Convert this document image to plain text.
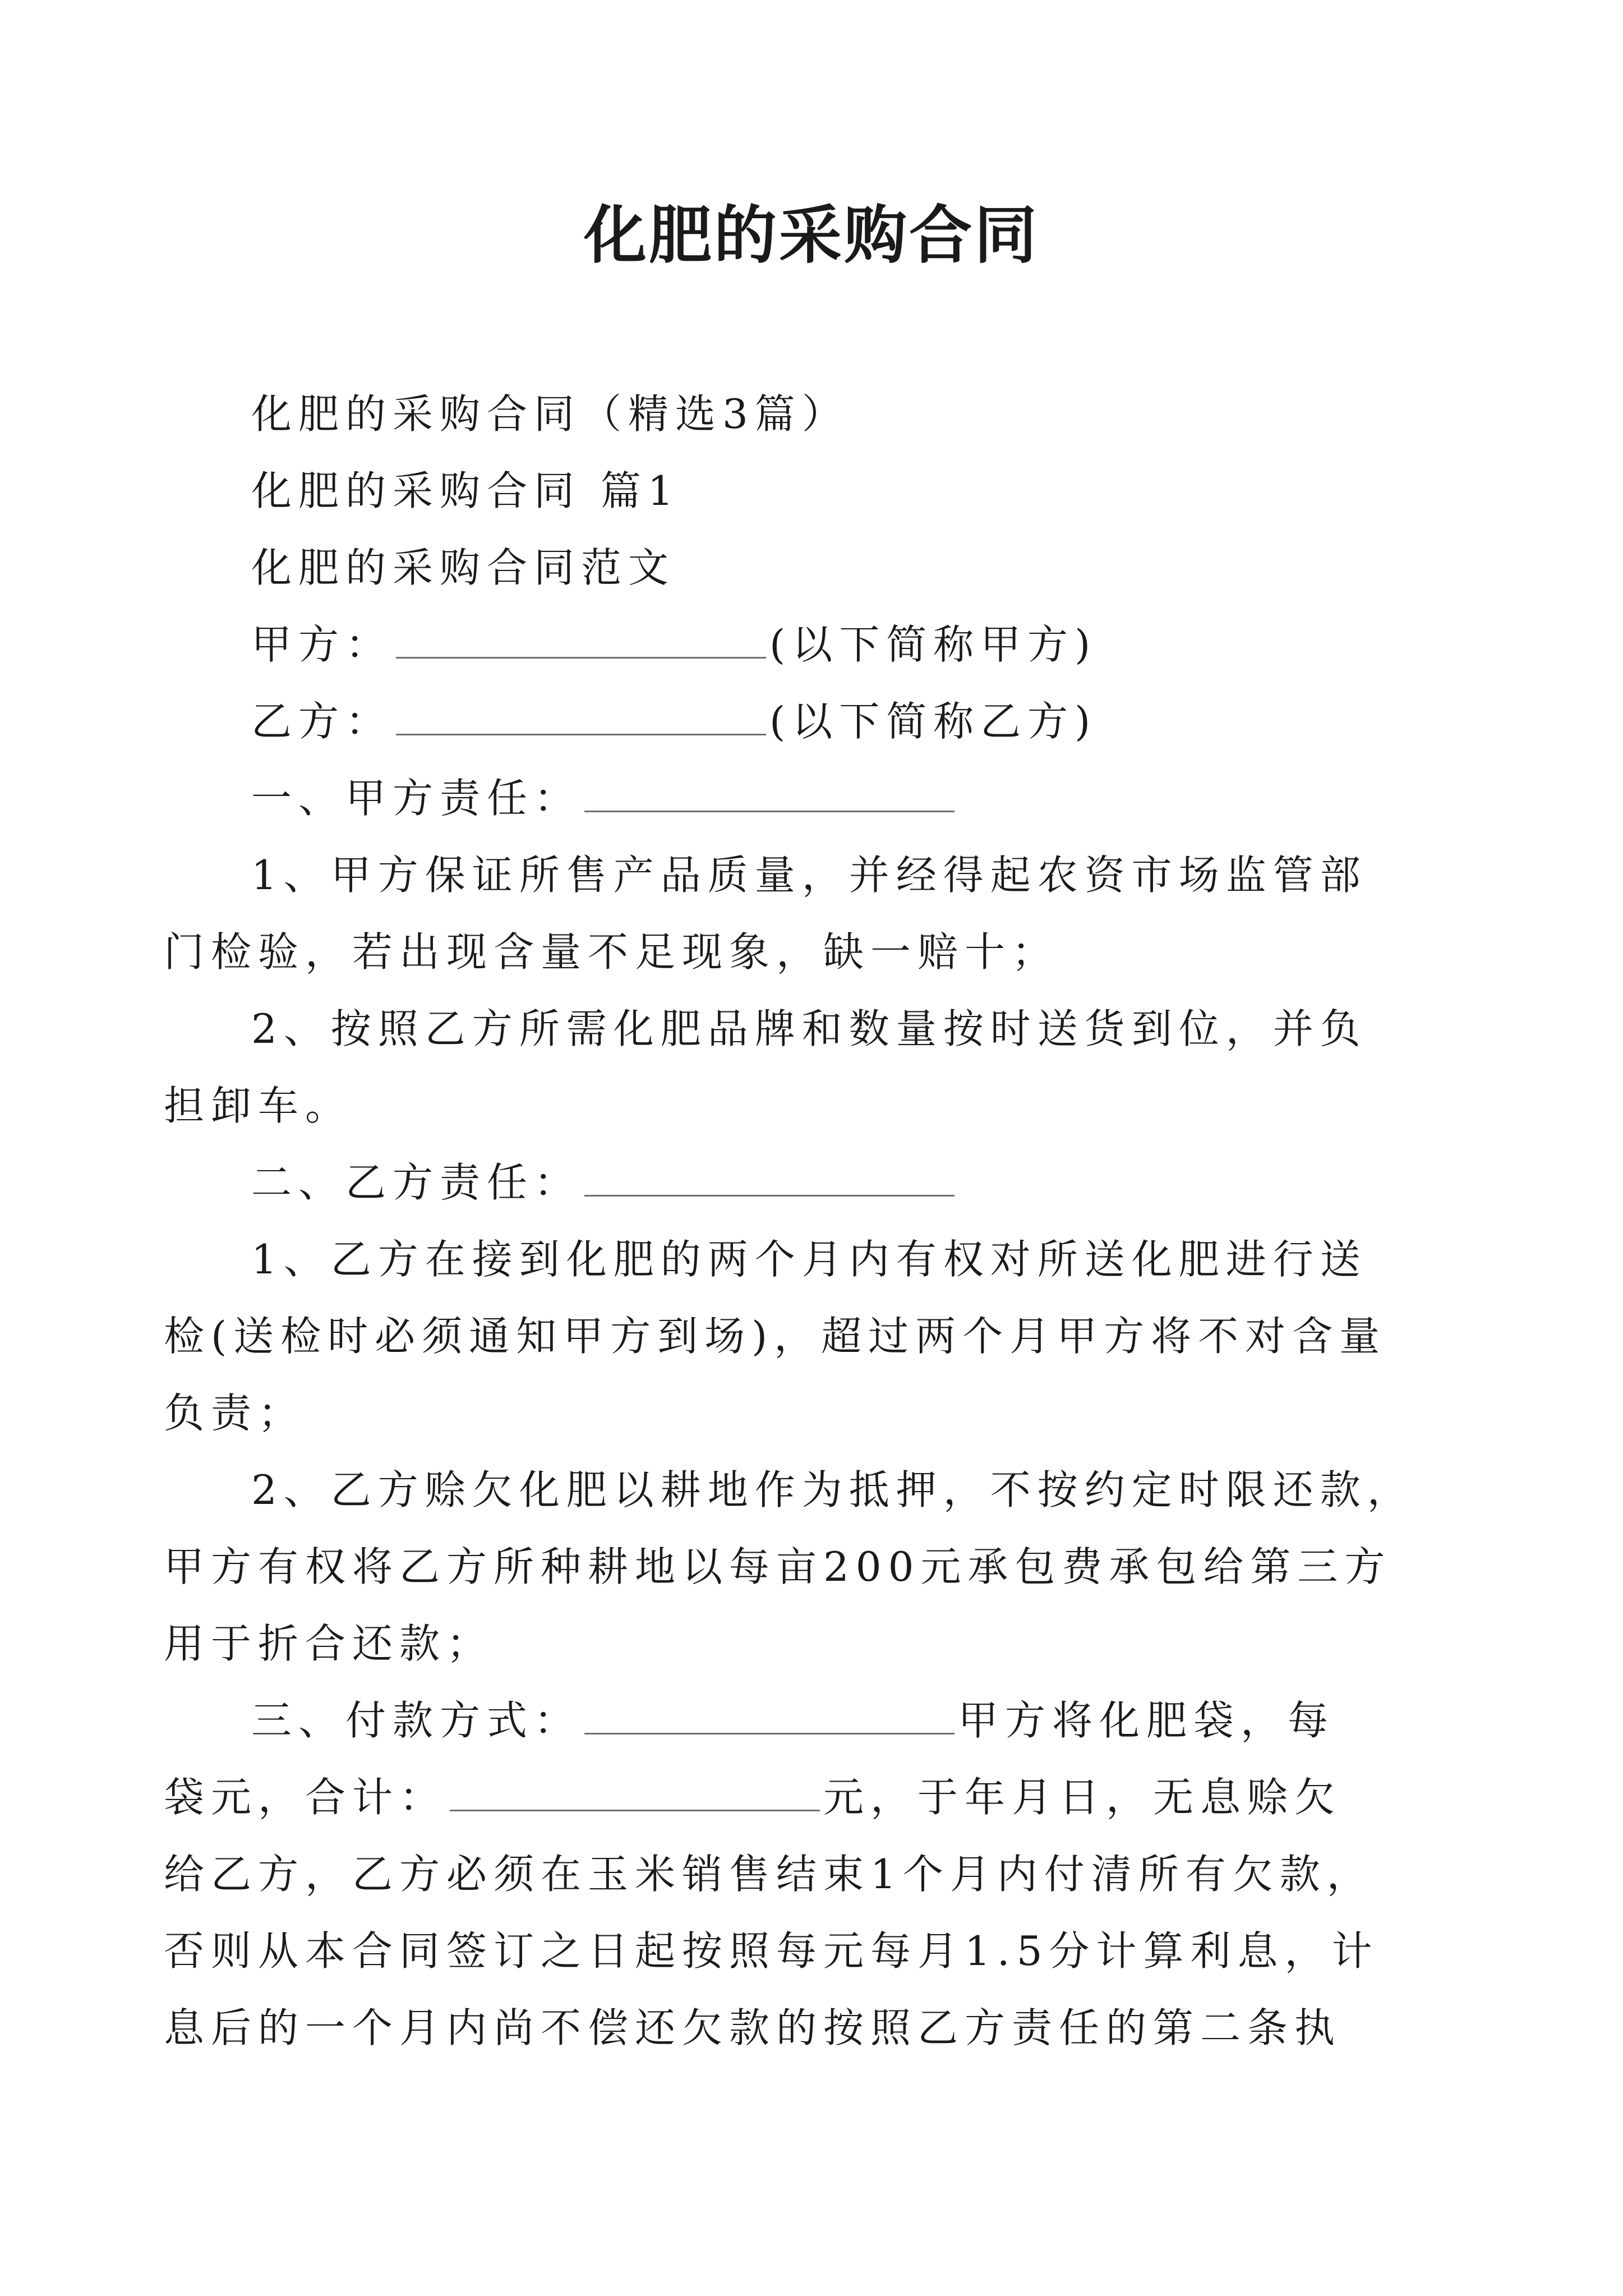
化肥的采购合同
化肥的采购合同（精选3篇）
化肥的采购合同 篇1
化肥的采购合同范文
甲方：	(以下简称甲方)
乙方：	(以下简称乙方)
一、甲方责任：
1、甲方保证所售产品质量，并经得起农资市场监管部
门检验，若出现含量不足现象，缺一赔十；
2、按照乙方所需化肥品牌和数量按时送货到位，并负
担卸车。
二、乙方责任：
1、乙方在接到化肥的两个月内有权对所送化肥进行送
检(送检时必须通知甲方到场)，超过两个月甲方将不对含量
负责；
2、乙方赊欠化肥以耕地作为抵押，不按约定时限还款，
甲方有权将乙方所种耕地以每亩200元承包费承包给第三方
用于折合还款；
三、付款方式：	甲方将化肥袋，每
袋元，合计：	元，于年月日，无息赊欠
给乙方，乙方必须在玉米销售结束1个月内付清所有欠款，
否则从本合同签订之日起按照每元每月1.5分计算利息，计
息后的一个月内尚不偿还欠款的按照乙方责任的第二条执
